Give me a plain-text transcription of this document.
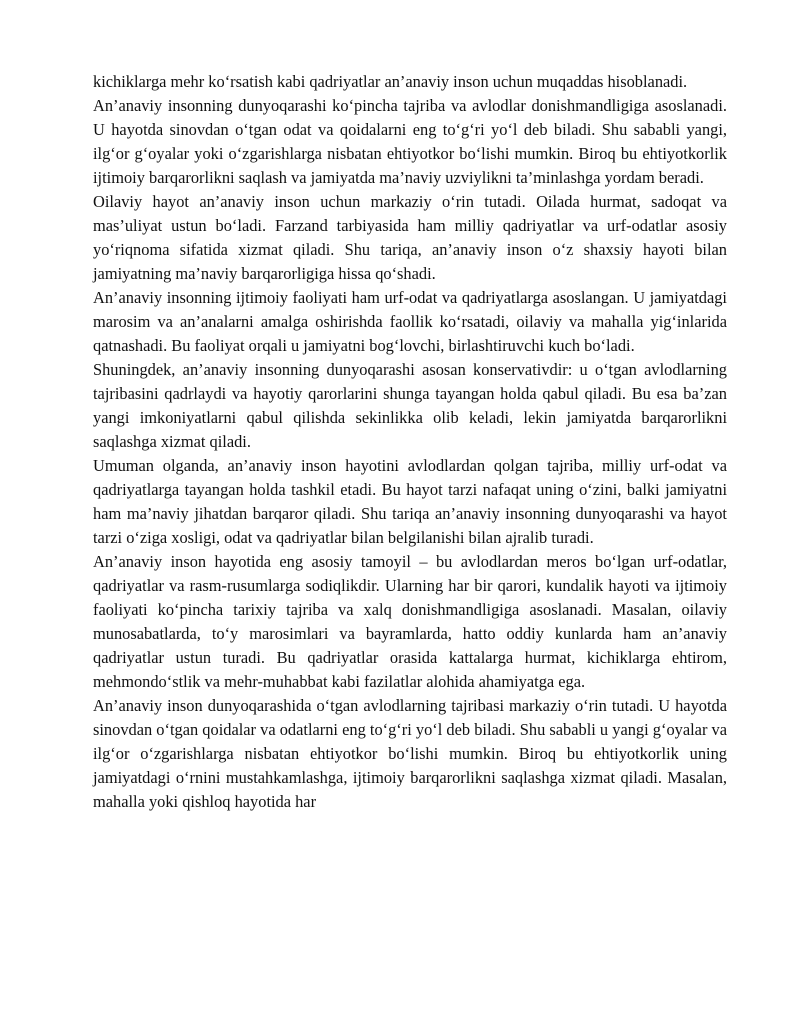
kichiklarga mehr ko‘rsatish kabi qadriyatlar an’anaviy inson uchun muqaddas hisoblanadi.

An’anaviy insonning dunyoqarashi ko‘pincha tajriba va avlodlar donishmandligiga asoslanadi. U hayotda sinovdan o‘tgan odat va qoidalarni eng to‘g‘ri yo‘l deb biladi. Shu sababli yangi, ilg‘or g‘oyalar yoki o‘zgarishlarga nisbatan ehtiyotkor bo‘lishi mumkin. Biroq bu ehtiyotkorlik ijtimoiy barqarorlikni saqlash va jamiyatda ma’naviy uzviylikni ta’minlashga yordam beradi.

Oilaviy hayot an’anaviy inson uchun markaziy o‘rin tutadi. Oilada hurmat, sadoqat va mas’uliyat ustun bo‘ladi. Farzand tarbiyasida ham milliy qadriyatlar va urf-odatlar asosiy yo‘riqnoma sifatida xizmat qiladi. Shu tariqa, an’anaviy inson o‘z shaxsiy hayoti bilan jamiyatning ma’naviy barqarorligiga hissa qo‘shadi.

An’anaviy insonning ijtimoiy faoliyati ham urf-odat va qadriyatlarga asoslangan. U jamiyatdagi marosim va an’analarni amalga oshirishda faollik ko‘rsatadi, oilaviy va mahalla yig‘inlarida qatnashadi. Bu faoliyat orqali u jamiyatni bog‘lovchi, birlashtiruvchi kuch bo‘ladi.

Shuningdek, an’anaviy insonning dunyoqarashi asosan konservativdir: u o‘tgan avlodlarning tajribasini qadrlaydi va hayotiy qarorlarini shunga tayangan holda qabul qiladi. Bu esa ba’zan yangi imkoniyatlarni qabul qilishda sekinlikka olib keladi, lekin jamiyatda barqarorlikni saqlashga xizmat qiladi.

Umuman olganda, an’anaviy inson hayotini avlodlardan qolgan tajriba, milliy urf-odat va qadriyatlarga tayangan holda tashkil etadi. Bu hayot tarzi nafaqat uning o‘zini, balki jamiyatni ham ma’naviy jihatdan barqaror qiladi. Shu tariqa an’anaviy insonning dunyoqarashi va hayot tarzi o‘ziga xosligi, odat va qadriyatlar bilan belgilanishi bilan ajralib turadi.

An’anaviy inson hayotida eng asosiy tamoyil – bu avlodlardan meros bo‘lgan urf-odatlar, qadriyatlar va rasm-rusumlarga sodiqlikdir. Ularning har bir qarori, kundalik hayoti va ijtimoiy faoliyati ko‘pincha tarixiy tajriba va xalq donishmandligiga asoslanadi. Masalan, oilaviy munosabatlarda, to‘y marosimlari va bayramlarda, hatto oddiy kunlarda ham an’anaviy qadriyatlar ustun turadi. Bu qadriyatlar orasida kattalarga hurmat, kichiklarga ehtirom, mehmondo‘stlik va mehr-muhabbat kabi fazilatlar alohida ahamiyatga ega.

An’anaviy inson dunyoqarashida o‘tgan avlodlarning tajribasi markaziy o‘rin tutadi. U hayotda sinovdan o‘tgan qoidalar va odatlarni eng to‘g‘ri yo‘l deb biladi. Shu sababli u yangi g‘oyalar va ilg‘or o‘zgarishlarga nisbatan ehtiyotkor bo‘lishi mumkin. Biroq bu ehtiyotkorlik uning jamiyatdagi o‘rnini mustahkamlashga, ijtimoiy barqarorlikni saqlashga xizmat qiladi. Masalan, mahalla yoki qishloq hayotida har
